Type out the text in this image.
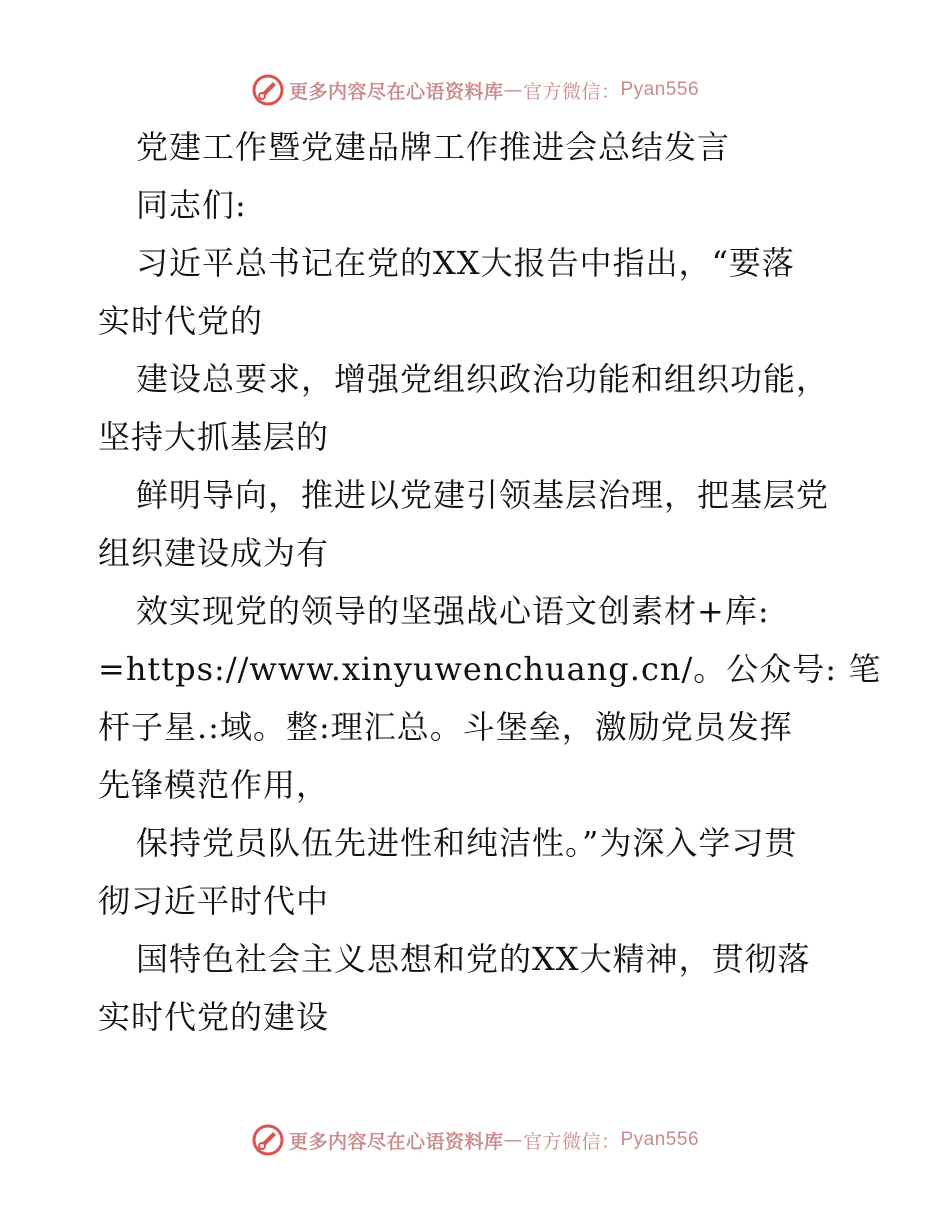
更多内容尽在心语资料库 — 官方微信： Pyan556
党建工作暨党建品牌工作推进会总结发言
同志们:
习近平总书记在党的XX大报告中指出，“要落
实时代党的
建设总要求，增强党组织政治功能和组织功能，
坚持大抓基层的
鲜明导向，推进以党建引领基层治理，把基层党
组织建设成为有
效实现党的领导的坚强战心语文创素材+库:
=https://www.xinyuwenchuang.cn/。公众号: 笔
杆子星.:域。整:理汇总。斗堡垒，激励党员发挥
先锋模范作用，
保持党员队伍先进性和纯洁性。”为深入学习贯
彻习近平时代中
国特色社会主义思想和党的XX大精神，贯彻落
实时代党的建设
更多内容尽在心语资料库 — 官方微信： Pyan556
